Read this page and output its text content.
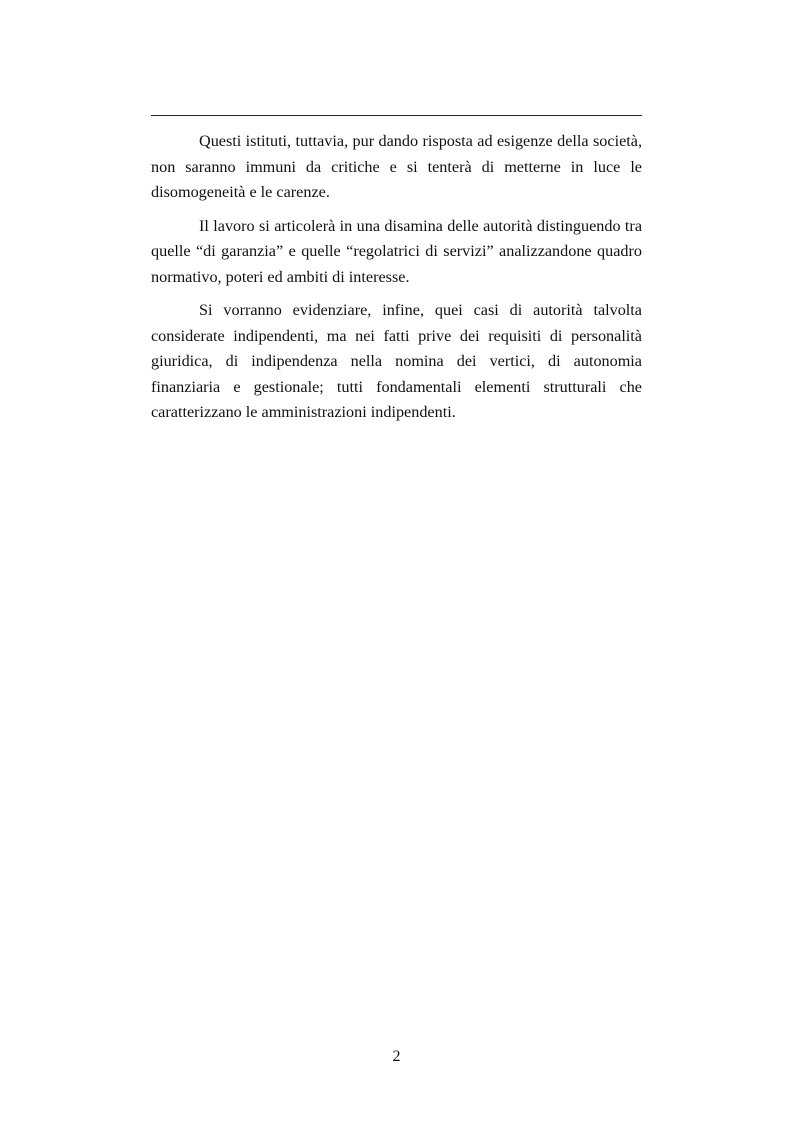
Questi istituti, tuttavia, pur dando risposta ad esigenze della società, non saranno immuni da critiche e si tenterà di metterne in luce le disomogeneità e le carenze.

Il lavoro si articolerà in una disamina delle autorità distinguendo tra quelle “di garanzia” e quelle “regolatrici di servizi” analizzandone quadro normativo, poteri ed ambiti di interesse.

Si vorranno evidenziare, infine, quei casi di autorità talvolta considerate indipendenti, ma nei fatti prive dei requisiti di personalità giuridica, di indipendenza nella nomina dei vertici, di autonomia finanziaria e gestionale; tutti fondamentali elementi strutturali che caratterizzano le amministrazioni indipendenti.

2
